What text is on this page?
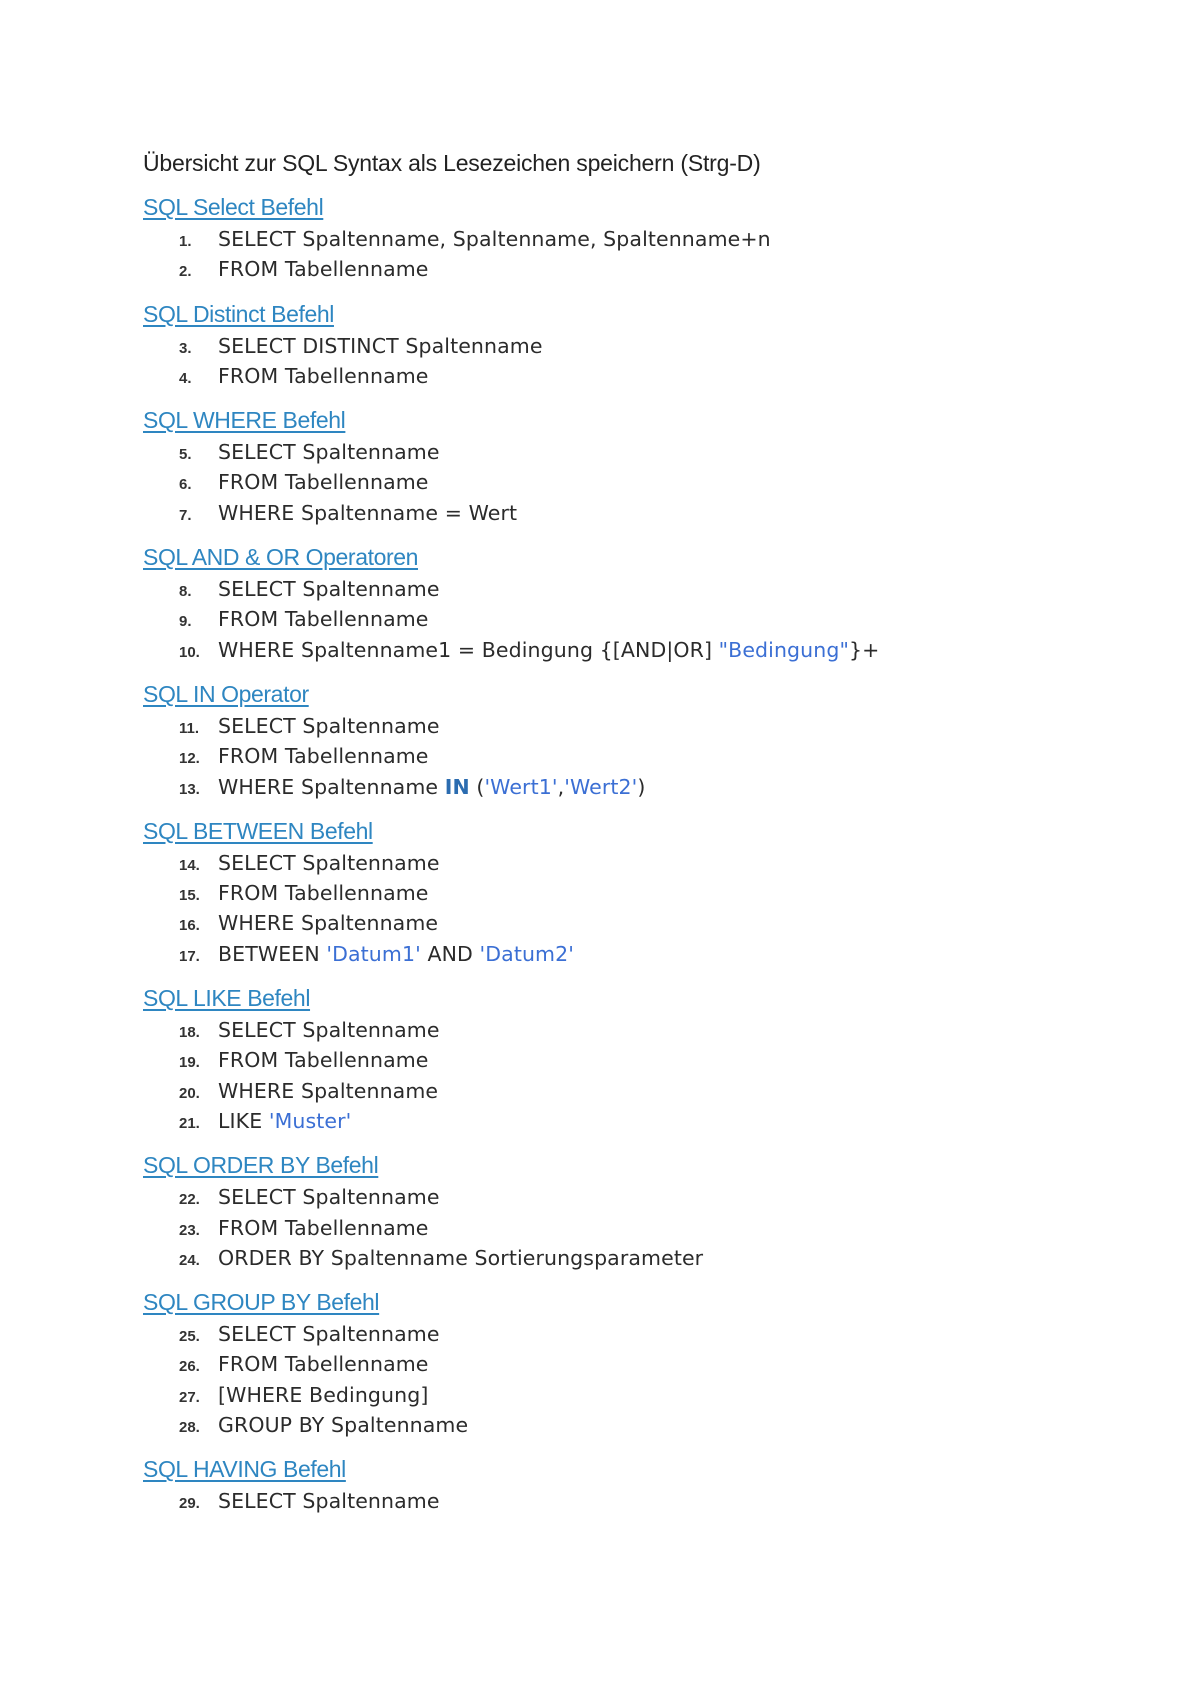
Übersicht zur SQL Syntax als Lesezeichen speichern (Strg-D)
SQL Select Befehl
1.	SELECT Spaltenname, Spaltenname, Spaltenname+n
2.	FROM Tabellenname
SQL Distinct Befehl
3.	SELECT DISTINCT Spaltenname
4.	FROM Tabellenname
SQL WHERE Befehl
5.	SELECT Spaltenname
6.	FROM Tabellenname
7.	WHERE Spaltenname = Wert
SQL AND & OR Operatoren
8.	SELECT Spaltenname
9.	FROM Tabellenname
10. WHERE Spaltenname1 = Bedingung {[AND|OR] "Bedingung"}+
SQL IN Operator
11. SELECT Spaltenname
12. FROM Tabellenname
13. WHERE Spaltenname IN ('Wert1','Wert2')
SQL BETWEEN Befehl
14. SELECT Spaltenname
15. FROM Tabellenname
16. WHERE Spaltenname
17. BETWEEN 'Datum1' AND 'Datum2'
SQL LIKE Befehl
18. SELECT Spaltenname
19. FROM Tabellenname
20. WHERE Spaltenname
21. LIKE 'Muster'
SQL ORDER BY Befehl
22. SELECT Spaltenname
23. FROM Tabellenname
24. ORDER BY Spaltenname Sortierungsparameter
SQL GROUP BY Befehl
25. SELECT Spaltenname
26. FROM Tabellenname
27. [WHERE Bedingung]
28. GROUP BY Spaltenname
SQL HAVING Befehl
29. SELECT Spaltenname
